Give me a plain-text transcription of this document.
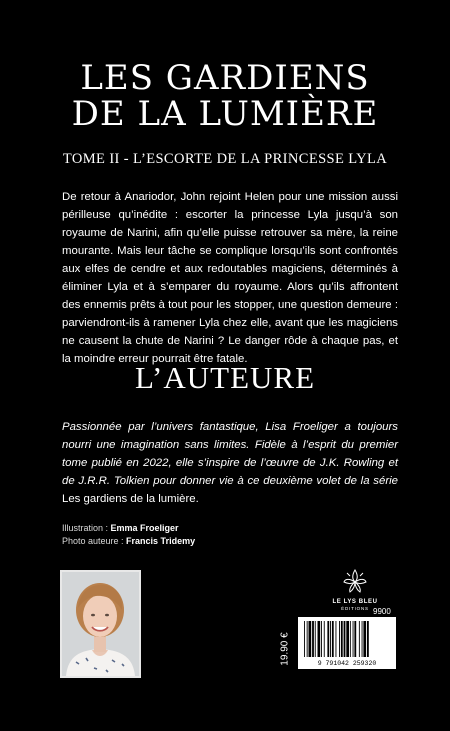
LES GARDIENS
DE LA LUMIÈRE
TOME II - L’ESCORTE DE LA PRINCESSE LYLA

De retour à Anariodor, John rejoint Helen pour une mission aussi périlleuse qu’inédite : escorter la princesse Lyla jusqu’à son royaume de Narini, afin qu’elle puisse retrouver sa mère, la reine mourante. Mais leur tâche se complique lorsqu’ils sont confrontés aux elfes de cendre et aux redoutables magiciens, déterminés à éliminer Lyla et à s’emparer du royaume. Alors qu’ils affrontent des ennemis prêts à tout pour les stopper, une question demeure : parviendront-ils à ramener Lyla chez elle, avant que les magiciens ne causent la chute de Narini ? Le danger rôde à chaque pas, et la moindre erreur pourrait être fatale.

L’AUTEURE

Passionnée par l’univers fantastique, Lisa Froeliger a toujours nourri une imagination sans limites. Fidèle à l’esprit du premier tome publié en 2022, elle s’inspire de l’œuvre de J.K. Rowling et de J.R.R. Tolkien pour donner vie à ce deuxième volet de la série Les gardiens de la lumière.

Illustration : Emma Froeliger
Photo auteure : Francis Tridemy
LE LYS BLEU
ÉDITIONS 9900
19.90 €	9 791042 259320
